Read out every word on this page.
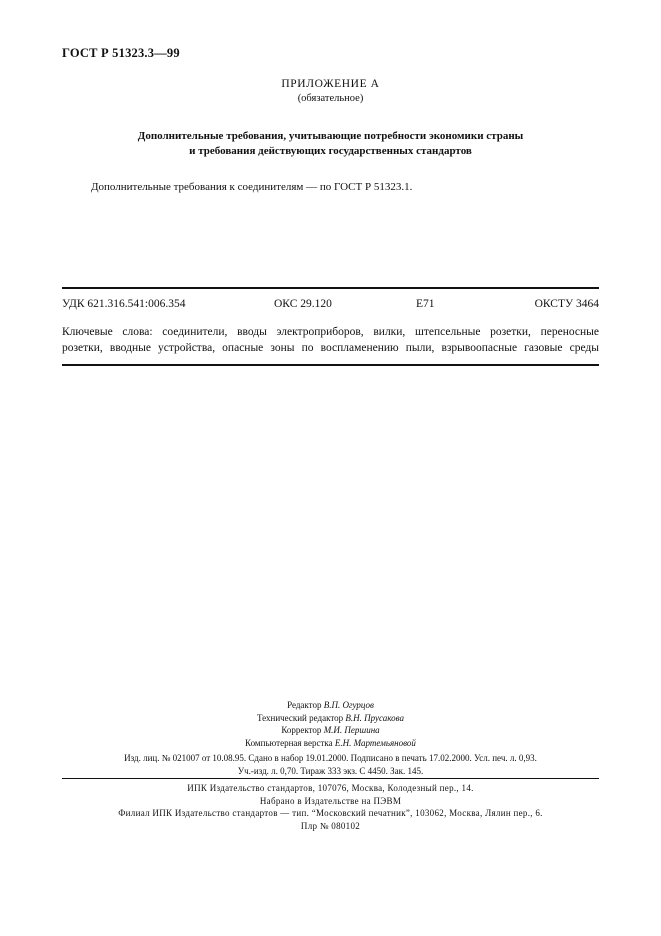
ГОСТ Р 51323.3—99
ПРИЛОЖЕНИЕ А
(обязательное)
Дополнительные требования, учитывающие потребности экономики страны
и требования действующих государственных стандартов
Дополнительные требования к соединителям — по ГОСТ Р 51323.1.
УДК 621.316.541:006.354	ОКС 29.120	Е71	ОКСТУ 3464
Ключевые слова: соединители, вводы электроприборов, вилки, штепсельные розетки, переносные
розетки, вводные устройства, опасные зоны по воспламенению пыли, взрывоопасные газовые среды
Редактор В.П. Огурцов
Технический редактор В.Н. Прусакова
Корректор М.И. Першина
Компьютерная верстка Е.Н. Мартемьяновой
Изд. лиц. № 021007 от 10.08.95. Сдано в набор 19.01.2000. Подписано в печать 17.02.2000. Усл. печ. л. 0,93.
Уч.-изд. л. 0,70. Тираж 333 экз. С 4450. Зак. 145.
ИПК Издательство стандартов, 107076, Москва, Колодезный пер., 14.
Набрано в Издательстве на ПЭВМ
Филиал ИПК Издательство стандартов — тип. “Московский печатник”, 103062, Москва, Лялин пер., 6.
Плр № 080102
